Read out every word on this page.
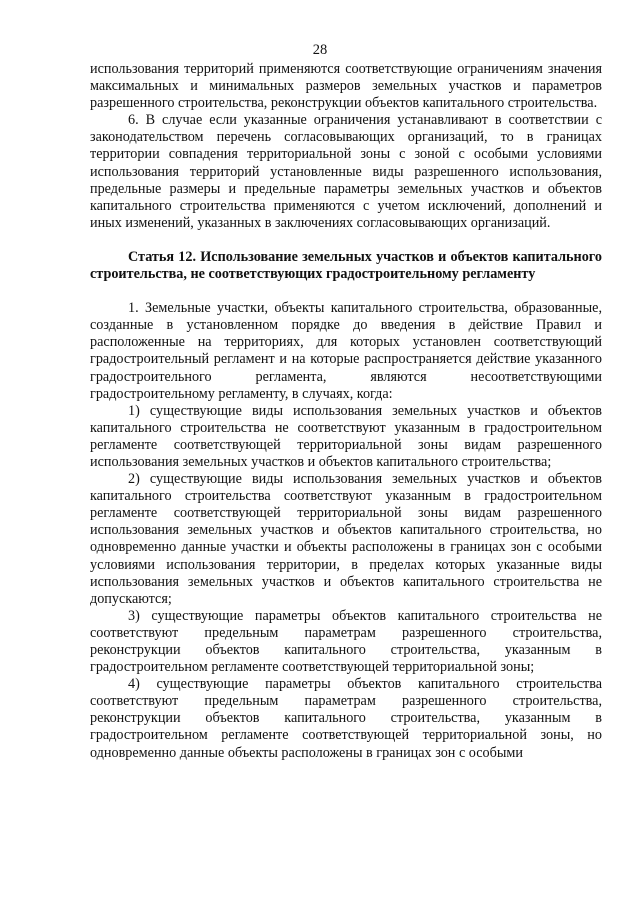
28

использования территорий применяются соответствующие ограничениям значения максимальных и минимальных размеров земельных участков и параметров разрешенного строительства, реконструкции объектов капитального строительства.

6. В случае если указанные ограничения устанавливают в соответствии с законодательством перечень согласовывающих организаций, то в границах территории совпадения территориальной зоны с зоной с особыми условиями использования территорий установленные виды разрешенного использования, предельные размеры и предельные параметры земельных участков и объектов капитального строительства применяются с учетом исключений, дополнений и иных изменений, указанных в заключениях согласовывающих организаций.

Статья 12. Использование земельных участков и объектов капитального строительства, не соответствующих градостроительному регламенту

1. Земельные участки, объекты капитального строительства, образованные, созданные в установленном порядке до введения в действие Правил и расположенные на территориях, для которых установлен соответствующий градостроительный регламент и на которые распространяется действие указанного градостроительного регламента, являются несоответствующими градостроительному регламенту, в случаях, когда:

1) существующие виды использования земельных участков и объектов капитального строительства не соответствуют указанным в градостроительном регламенте соответствующей территориальной зоны видам разрешенного использования земельных участков и объектов капитального строительства;

2) существующие виды использования земельных участков и объектов капитального строительства соответствуют указанным в градостроительном регламенте соответствующей территориальной зоны видам разрешенного использования земельных участков и объектов капитального строительства, но одновременно данные участки и объекты расположены в границах зон с особыми условиями использования территории, в пределах которых указанные виды использования земельных участков и объектов капитального строительства не допускаются;

3) существующие параметры объектов капитального строительства не соответствуют предельным параметрам разрешенного строительства, реконструкции объектов капитального строительства, указанным в градостроительном регламенте соответствующей территориальной зоны;

4) существующие параметры объектов капитального строительства соответствуют предельным параметрам разрешенного строительства, реконструкции объектов капитального строительства, указанным в градостроительном регламенте соответствующей территориальной зоны, но одновременно данные объекты расположены в границах зон с особыми
